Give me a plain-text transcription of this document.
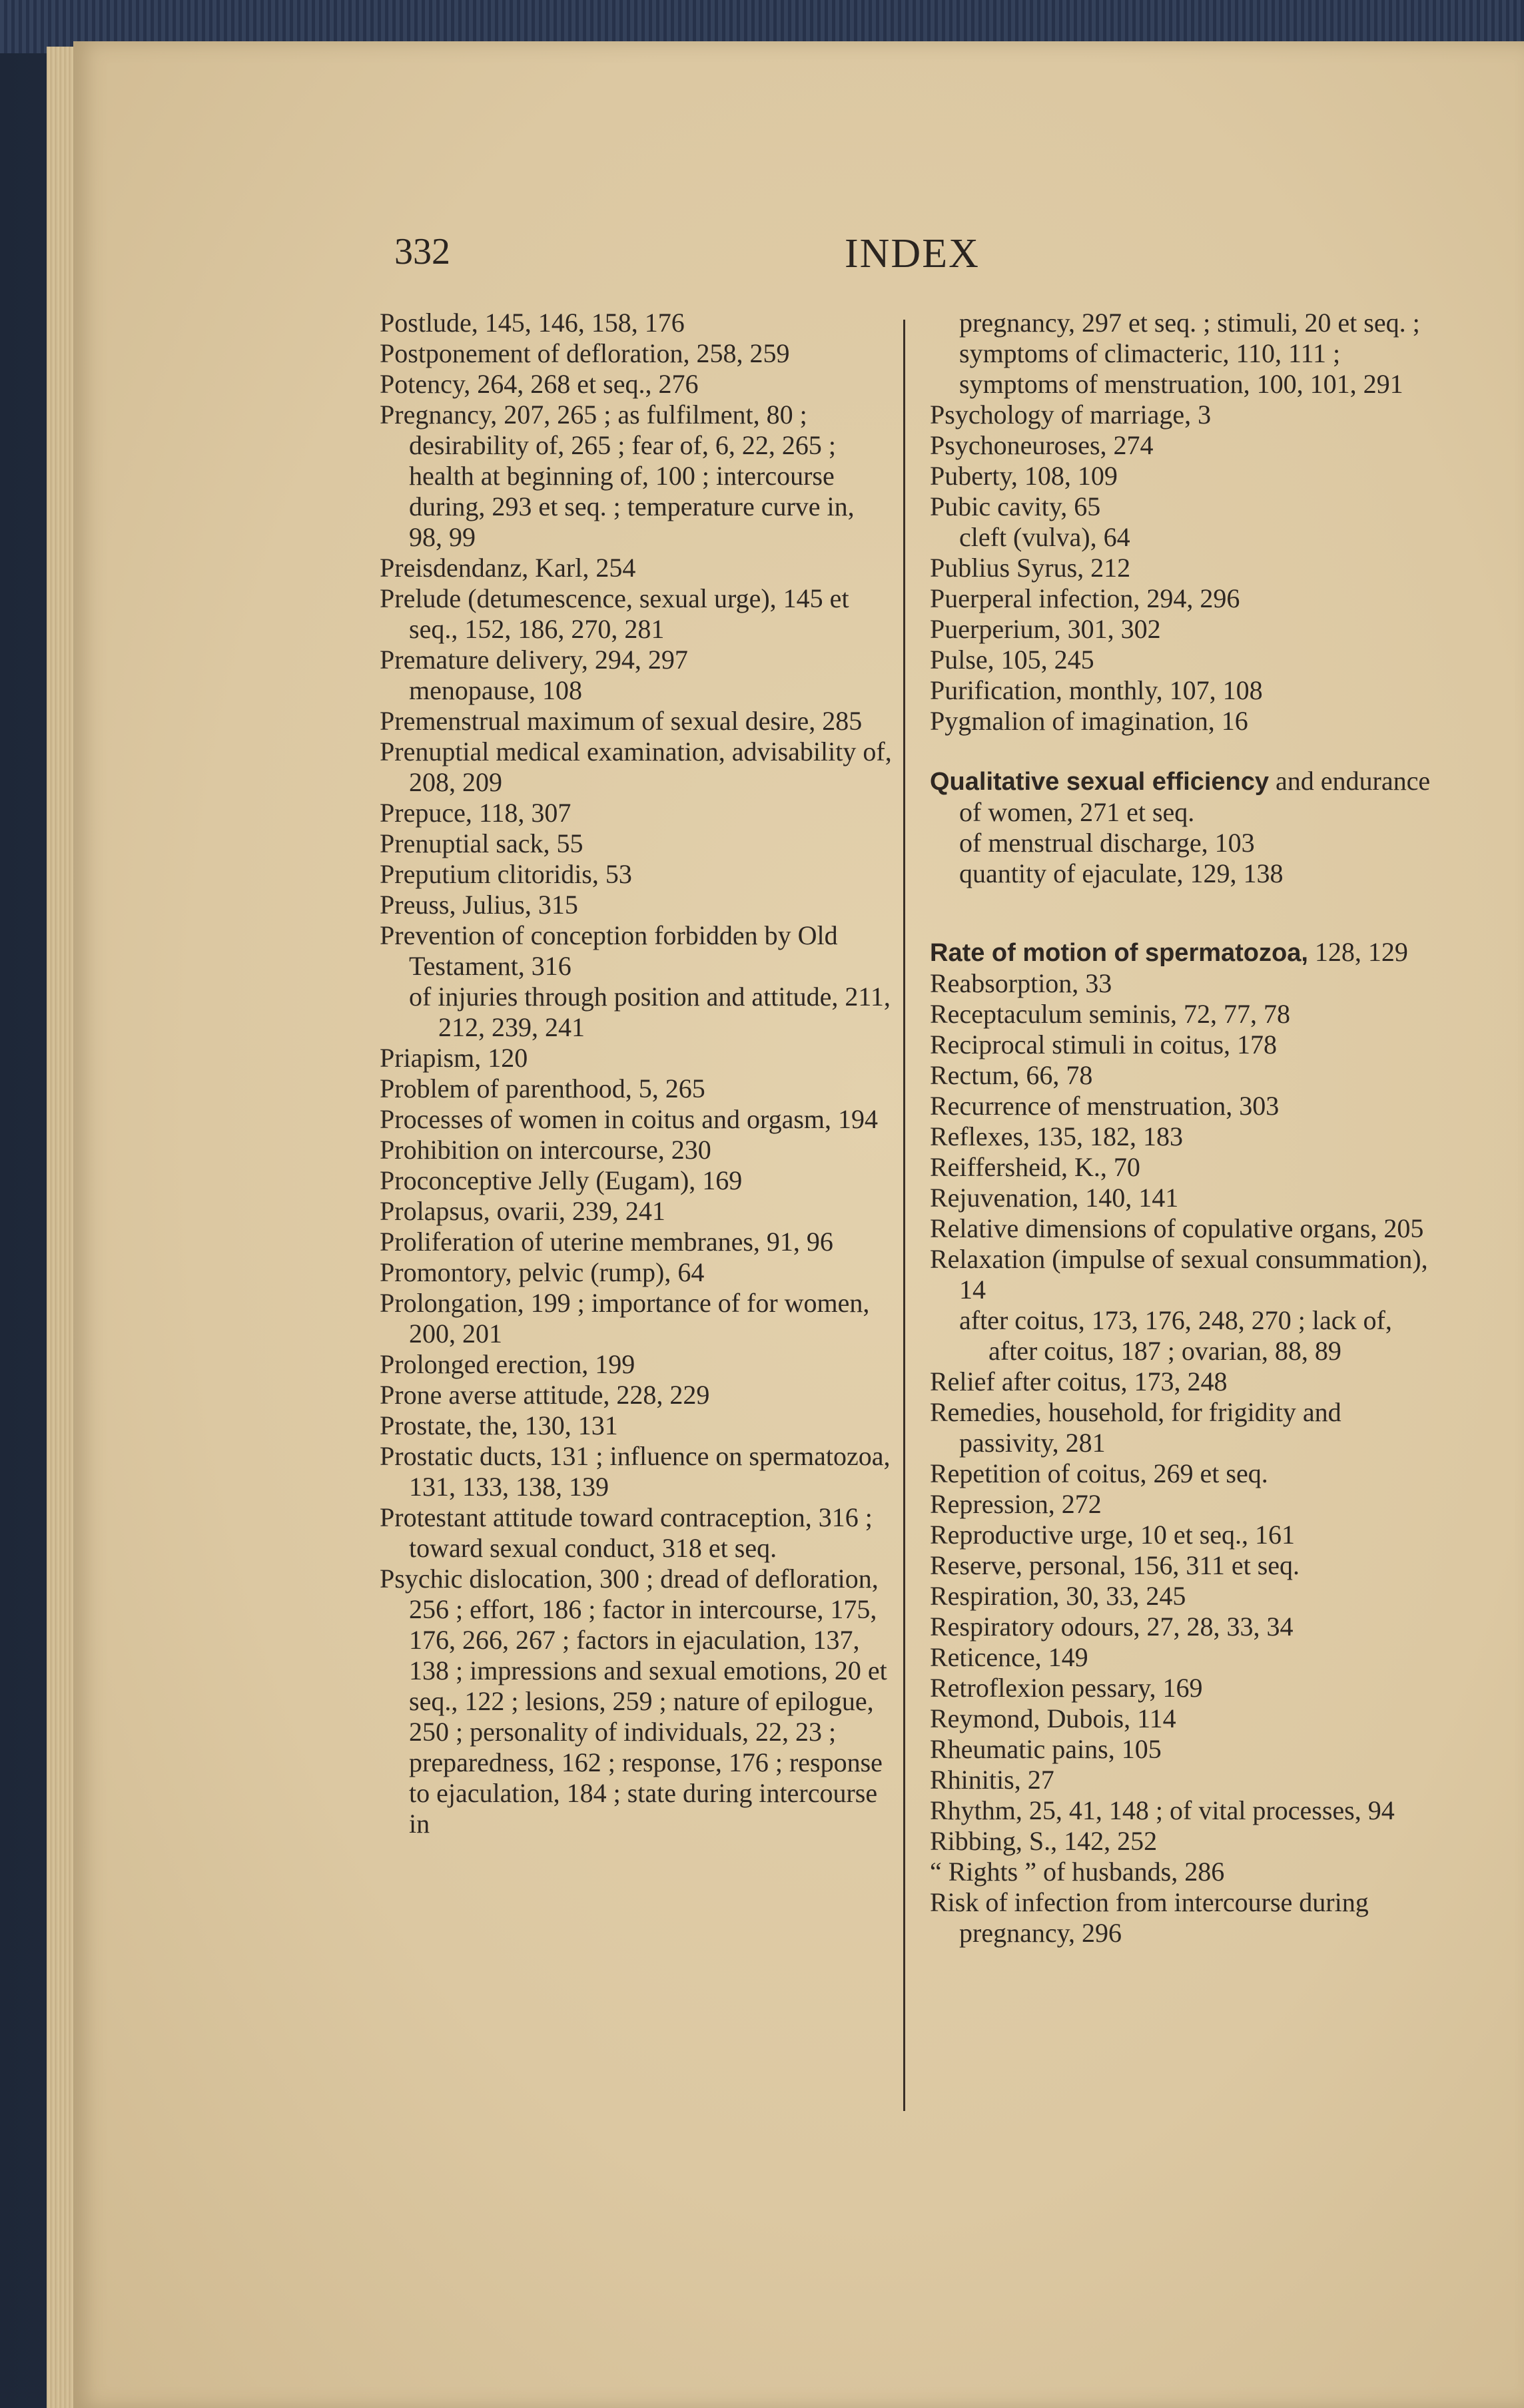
332	INDEX

Postlude, 145, 146, 158, 176

Postponement of defloration, 258, 259

Potency, 264, 268 et seq., 276

Pregnancy, 207, 265 ; as fulfilment, 80 ; desirability of, 265 ; fear of, 6, 22, 265 ; health at beginning of, 100 ; intercourse during, 293 et seq. ; temperature curve in, 98, 99

Preisdendanz, Karl, 254

Prelude (detumescence, sexual urge), 145 et seq., 152, 186, 270, 281

Premature delivery, 294, 297

menopause, 108

Premenstrual maximum of sexual desire, 285

Prenuptial medical examination, advisability of, 208, 209

Prepuce, 118, 307

Prenuptial sack, 55

Preputium clitoridis, 53

Preuss, Julius, 315

Prevention of conception forbidden by Old Testament, 316

of injuries through position and attitude, 211, 212, 239, 241

Priapism, 120

Problem of parenthood, 5, 265

Processes of women in coitus and orgasm, 194

Prohibition on intercourse, 230

Proconceptive Jelly (Eugam), 169

Prolapsus, ovarii, 239, 241

Proliferation of uterine membranes, 91, 96

Promontory, pelvic (rump), 64

Prolongation, 199 ; importance of for women, 200, 201

Prolonged erection, 199

Prone averse attitude, 228, 229

Prostate, the, 130, 131

Prostatic ducts, 131 ; influence on spermatozoa, 131, 133, 138, 139

Protestant attitude toward contraception, 316 ; toward sexual conduct, 318 et seq.

Psychic dislocation, 300 ; dread of defloration, 256 ; effort, 186 ; factor in intercourse, 175, 176, 266, 267 ; factors in ejaculation, 137, 138 ; impressions and sexual emotions, 20 et seq., 122 ; lesions, 259 ; nature of epilogue, 250 ; personality of individuals, 22, 23 ; preparedness, 162 ; response, 176 ; response to ejaculation, 184 ; state during intercourse in

pregnancy, 297 et seq. ; stimuli, 20 et seq. ; symptoms of climacteric, 110, 111 ; symptoms of menstruation, 100, 101, 291

Psychology of marriage, 3

Psychoneuroses, 274

Puberty, 108, 109

Pubic cavity, 65

cleft (vulva), 64

Publius Syrus, 212

Puerperal infection, 294, 296

Puerperium, 301, 302

Pulse, 105, 245

Purification, monthly, 107, 108

Pygmalion of imagination, 16

Qualitative sexual efficiency and endurance of women, 271 et seq.

of menstrual discharge, 103

quantity of ejaculate, 129, 138

Rate of motion of spermatozoa, 128, 129

Reabsorption, 33

Receptaculum seminis, 72, 77, 78

Reciprocal stimuli in coitus, 178

Rectum, 66, 78

Recurrence of menstruation, 303

Reflexes, 135, 182, 183

Reiffersheid, K., 70

Rejuvenation, 140, 141

Relative dimensions of copulative organs, 205

Relaxation (impulse of sexual consummation), 14

after coitus, 173, 176, 248, 270 ; lack of, after coitus, 187 ; ovarian, 88, 89

Relief after coitus, 173, 248

Remedies, household, for frigidity and passivity, 281

Repetition of coitus, 269 et seq.

Repression, 272

Reproductive urge, 10 et seq., 161

Reserve, personal, 156, 311 et seq.

Respiration, 30, 33, 245

Respiratory odours, 27, 28, 33, 34

Reticence, 149

Retroflexion pessary, 169

Reymond, Dubois, 114

Rheumatic pains, 105

Rhinitis, 27

Rhythm, 25, 41, 148 ; of vital processes, 94

Ribbing, S., 142, 252

“ Rights ” of husbands, 286

Risk of infection from intercourse during pregnancy, 296
